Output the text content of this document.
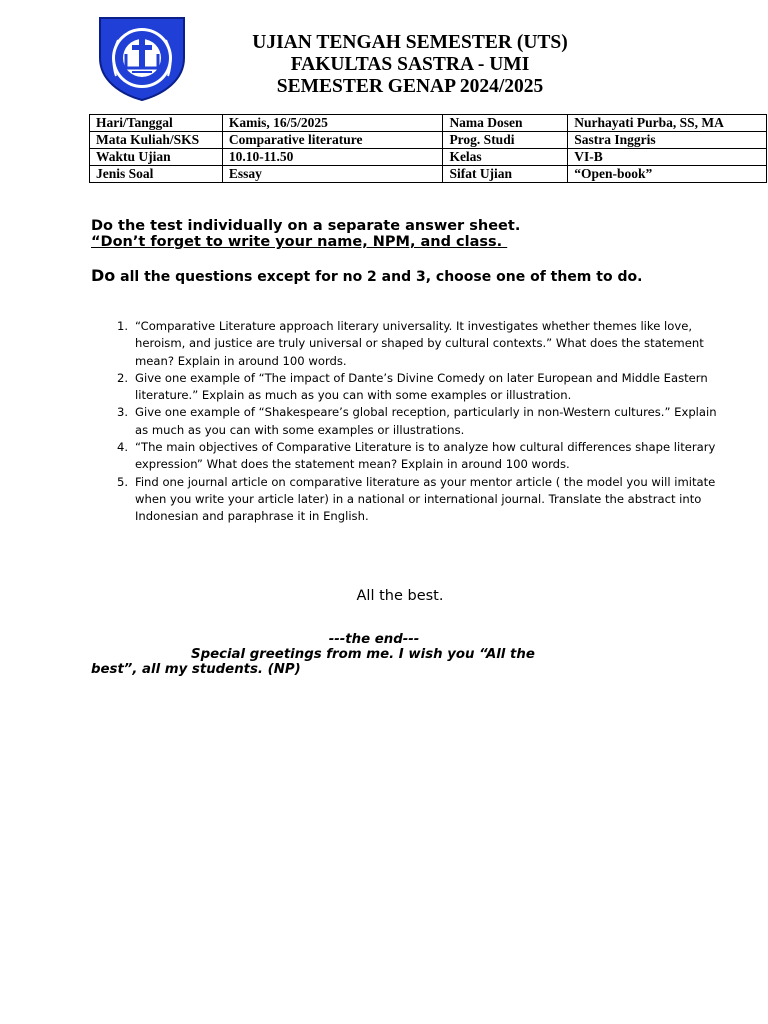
UJIAN TENGAH SEMESTER (UTS)
FAKULTAS SASTRA - UMI
SEMESTER GENAP 2024/2025
Hari/Tanggal	Kamis, 16/5/2025	Nama Dosen	Nurhayati Purba, SS, MA
Mata Kuliah/SKS	Comparative literature	Prog. Studi	Sastra Inggris
Waktu Ujian	10.10-11.50	Kelas	VI-B
Jenis Soal	Essay	Sifat Ujian	“Open-book”
Do the test individually on a separate answer sheet.
“Don’t forget to write your name, NPM, and class.
Do all the questions except for no 2 and 3, choose one of them to do.
“Comparative Literature approach literary universality. It investigates whether themes like love, heroism, and justice are truly universal or shaped by cultural contexts.” What does the statement mean? Explain in around 100 words.
Give one example of “The impact of Dante’s Divine Comedy on later European and Middle Eastern literature.” Explain as much as you can with some examples or illustration.
Give one example of “Shakespeare’s global reception, particularly in non-Western cultures.” Explain as much as you can with some examples or illustrations.
“The main objectives of Comparative Literature is to analyze how cultural differences shape literary expression” What does the statement mean? Explain in around 100 words.
Find one journal article on comparative literature as your mentor article ( the model you will imitate when you write your article later) in a national or international journal. Translate the abstract into Indonesian and paraphrase it in English.
All the best.
---the end---
Special greetings from me. I wish you “All the
best”, all my students. (NP)
